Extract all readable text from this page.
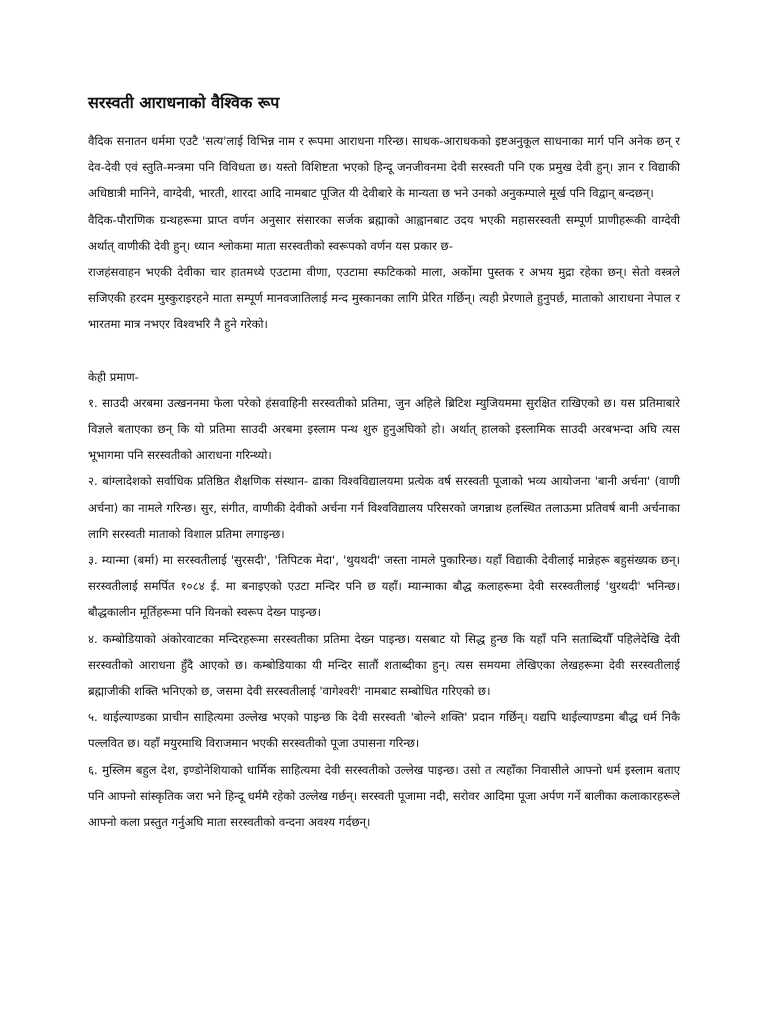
सरस्वती आराधनाको वैश्विक रूप

वैदिक सनातन धर्ममा एउटै 'सत्य'लाई विभिन्न नाम र रूपमा आराधना गरिन्छ। साधक-आराधकको इष्टअनुकूल साधनाका मार्ग पनि अनेक छन् र देव-देवी एवं स्तुति-मन्त्रमा पनि विविधता छ। यस्तो विशिष्टता भएको हिन्दू जनजीवनमा देवी सरस्वती पनि एक प्रमुख देवी हुन्। ज्ञान र विद्याकी अधिष्ठात्री मानिने, वाग्देवी, भारती, शारदा आदि नामबाट पूजित यी देवीबारे के मान्यता छ भने उनको अनुकम्पाले मूर्ख पनि विद्वान् बन्दछन्।

वैदिक-पौराणिक ग्रन्थहरूमा प्राप्त वर्णन अनुसार संसारका सर्जक ब्रह्माको आह्वानबाट उदय भएकी महासरस्वती सम्पूर्ण प्राणीहरूकी वाग्देवी अर्थात् वाणीकी देवी हुन्। ध्यान श्लोकमा माता सरस्वतीको स्वरूपको वर्णन यस प्रकार छ-

राजहंसवाहन भएकी देवीका चार हातमध्ये एउटामा वीणा, एउटामा स्फटिकको माला, अर्कोमा पुस्तक र अभय मुद्रा रहेका छन्। सेतो वस्त्रले सजिएकी हरदम मुस्कुराइरहने माता सम्पूर्ण मानवजातिलाई मन्द मुस्कानका लागि प्रेरित गर्छिन्। त्यही प्रेरणाले हुनुपर्छ, माताको आराधना नेपाल र भारतमा मात्र नभएर विश्वभरि नै हुने गरेको।

केही प्रमाण-

१. साउदी अरबमा उत्खननमा फेला परेको हंसवाहिनी सरस्वतीको प्रतिमा, जुन अहिले ब्रिटिश म्युजियममा सुरक्षित राखिएको छ। यस प्रतिमाबारे विज्ञले बताएका छन् कि यो प्रतिमा साउदी अरबमा इस्लाम पन्थ शुरु हुनुअघिको हो। अर्थात् हालको इस्लामिक साउदी अरबभन्दा अघि त्यस भूभागमा पनि सरस्वतीको आराधना गरिन्थ्यो।

२. बांग्लादेशको सर्वाधिक प्रतिष्ठित शैक्षणिक संस्थान- ढाका विश्वविद्यालयमा प्रत्येक वर्ष सरस्वती पूजाको भव्य आयोजना 'बानी अर्चना' (वाणी अर्चना) का नामले गरिन्छ। सुर, संगीत, वाणीकी देवीको अर्चना गर्न विश्वविद्यालय परिसरको जगन्नाथ हलस्थित तलाऊमा प्रतिवर्ष बानी अर्चनाका लागि सरस्वती माताको विशाल प्रतिमा लगाइन्छ।

३. म्यान्मा (बर्मा) मा सरस्वतीलाई 'सुरसदी', 'तिपिटक मेदा', 'थुयथदी' जस्ता नामले पुकारिन्छ। यहाँ विद्याकी देवीलाई मान्नेहरू बहुसंख्यक छन्। सरस्वतीलाई समर्पित १०८४ ई. मा बनाइएको एउटा मन्दिर पनि छ यहाँ। म्यान्माका बौद्ध कलाहरूमा देवी सरस्वतीलाई 'थुरथदी' भनिन्छ। बौद्धकालीन मूर्तिहरूमा पनि यिनको स्वरूप देख्न पाइन्छ।

४. कम्बोडियाको अंकोरवाटका मन्दिरहरूमा सरस्वतीका प्रतिमा देख्न पाइन्छ। यसबाट यो सिद्ध हुन्छ कि यहाँ पनि सताब्दियौँ पहिलेदेखि देवी सरस्वतीको आराधना हुँदै आएको छ। कम्बोडियाका यी मन्दिर सातौं शताब्दीका हुन्। त्यस समयमा लेखिएका लेखहरूमा देवी सरस्वतीलाई ब्रह्माजीकी शक्ति भनिएको छ, जसमा देवी सरस्वतीलाई 'वागेश्वरी' नामबाट सम्बोधित गरिएको छ।

५. थाईल्याण्डका प्राचीन साहित्यमा उल्लेख भएको पाइन्छ कि देवी सरस्वती 'बोल्ने शक्ति' प्रदान गर्छिन्। यद्यपि थाईल्याण्डमा बौद्ध धर्म निकै पल्लवित छ। यहाँ मयुरमाथि विराजमान भएकी सरस्वतीको पूजा उपासना गरिन्छ।

६. मुस्लिम बहुल देश, इण्डोनेशियाको धार्मिक साहित्यमा देवी सरस्वतीको उल्लेख पाइन्छ। उसो त त्यहाँका निवासीले आफ्नो धर्म इस्लाम बताए पनि आफ्नो सांस्कृतिक जरा भने हिन्दू धर्ममै रहेको उल्लेख गर्छन्। सरस्वती पूजामा नदी, सरोवर आदिमा पूजा अर्पण गर्ने बालीका कलाकारहरूले आफ्नो कला प्रस्तुत गर्नुअघि माता सरस्वतीको वन्दना अवश्य गर्दछन्।
